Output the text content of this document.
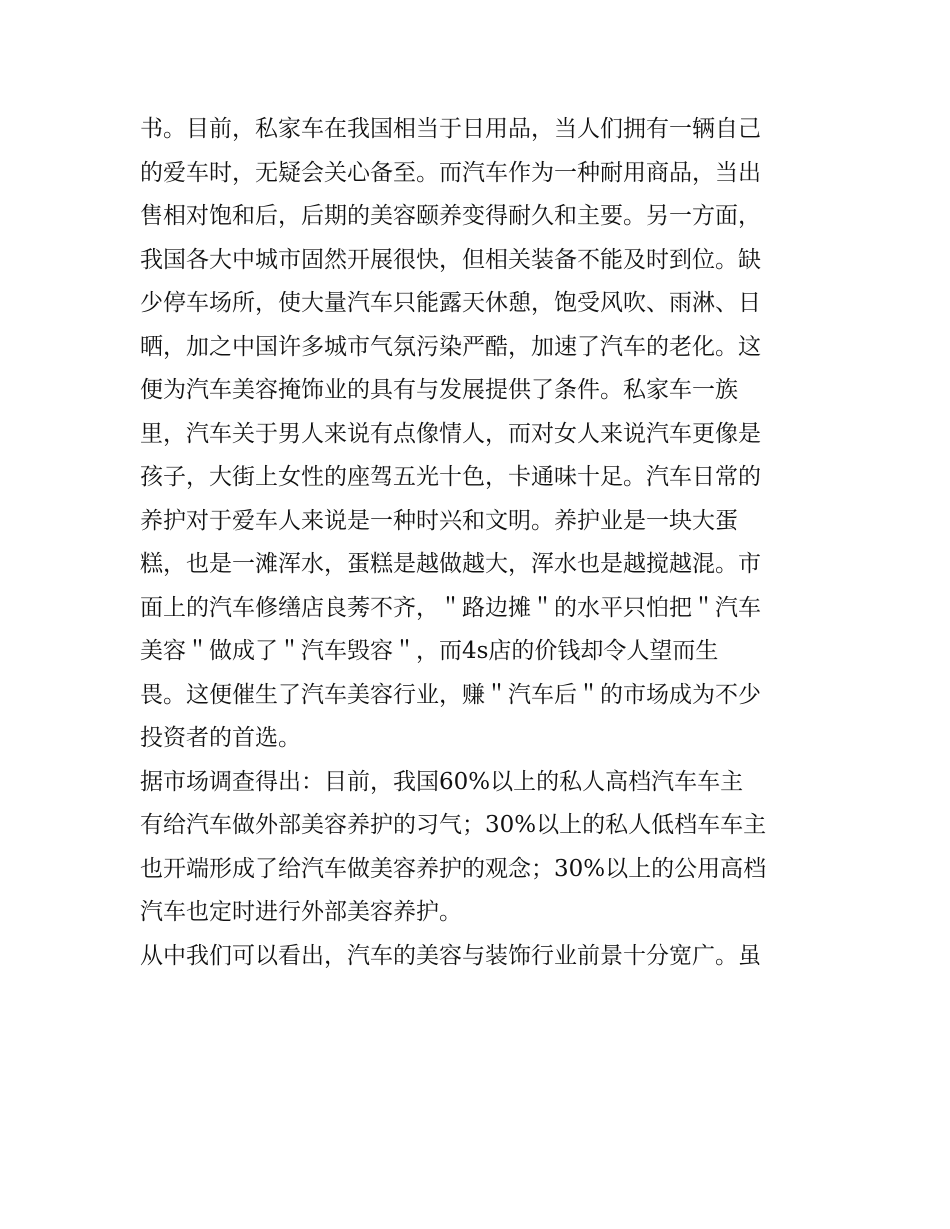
书。目前，私家车在我国相当于日用品，当人们拥有一辆自己
的爱车时，无疑会关心备至。而汽车作为一种耐用商品，当出
售相对饱和后，后期的美容颐养变得耐久和主要。另一方面，
我国各大中城市固然开展很快，但相关装备不能及时到位。缺
少停车场所，使大量汽车只能露天休憩，饱受风吹、雨淋、日
晒，加之中国许多城市气氛污染严酷，加速了汽车的老化。这
便为汽车美容掩饰业的具有与发展提供了条件。私家车一族
里，汽车关于男人来说有点像情人，而对女人来说汽车更像是
孩子，大街上女性的座驾五光十色，卡通味十足。汽车日常的
养护对于爱车人来说是一种时兴和文明。养护业是一块大蛋
糕，也是一滩浑水，蛋糕是越做越大，浑水也是越搅越混。市
面上的汽车修缮店良莠不齐，＂路边摊＂的水平只怕把＂汽车
美容＂做成了＂汽车毁容＂，而4s店的价钱却令人望而生
畏。这便催生了汽车美容行业，赚＂汽车后＂的市场成为不少
投资者的首选。
据市场调查得出：目前，我国60%以上的私人高档汽车车主
有给汽车做外部美容养护的习气；30%以上的私人低档车车主
也开端形成了给汽车做美容养护的观念；30%以上的公用高档
汽车也定时进行外部美容养护。
从中我们可以看出，汽车的美容与装饰行业前景十分宽广。虽
